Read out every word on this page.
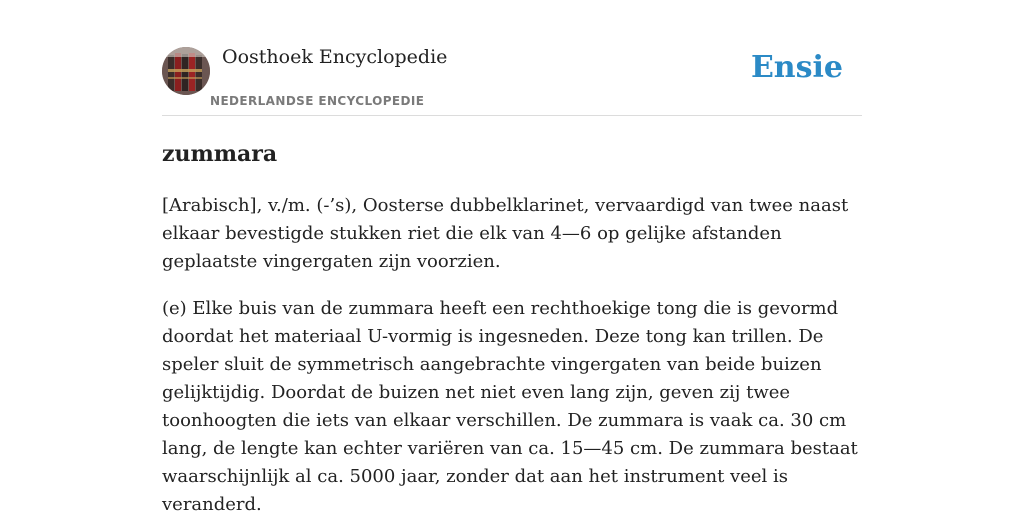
Oosthoek Encyclopedie
NEDERLANDSE ENCYCLOPEDIE
Ensie
zummara

[Arabisch], v./m. (-’s), Oosterse dubbelklarinet, vervaardigd van twee naast elkaar bevestigde stukken riet die elk van 4—6 op gelijke afstanden geplaatste vingergaten zijn voorzien.

(e) Elke buis van de zummara heeft een rechthoekige tong die is gevormd doordat het materiaal U-vormig is ingesneden. Deze tong kan trillen. De speler sluit de symmetrisch aangebrachte vingergaten van beide buizen gelijktijdig. Doordat de buizen net niet even lang zijn, geven zij twee toonhoogten die iets van elkaar verschillen. De zummara is vaak ca. 30 cm lang, de lengte kan echter variëren van ca. 15—45 cm. De zummara bestaat waarschijnlijk al ca. 5000 jaar, zonder dat aan het instrument veel is veranderd.
